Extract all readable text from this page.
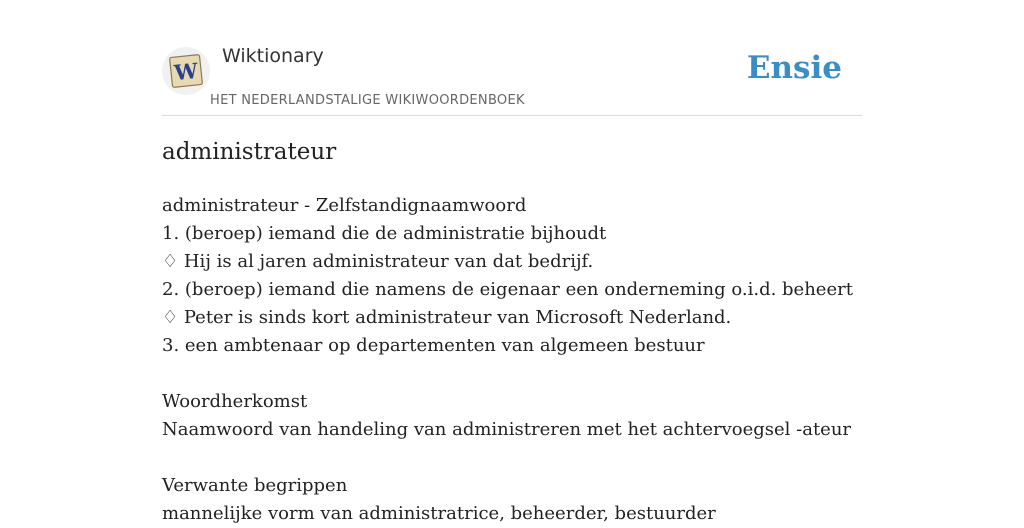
W
Wiktionary
HET NEDERLANDSTALIGE WIKIWOORDENBOEK
Ensie
administrateur
administrateur - Zelfstandignaamwoord
1. (beroep) iemand die de administratie bijhoudt
♢ Hij is al jaren administrateur van dat bedrijf.
2. (beroep) iemand die namens de eigenaar een onderneming o.i.d. beheert
♢ Peter is sinds kort administrateur van Microsoft Nederland.
3. een ambtenaar op departementen van algemeen bestuur
Woordherkomst
Naamwoord van handeling van administreren met het achtervoegsel -ateur
Verwante begrippen
mannelijke vorm van administratrice, beheerder, bestuurder
